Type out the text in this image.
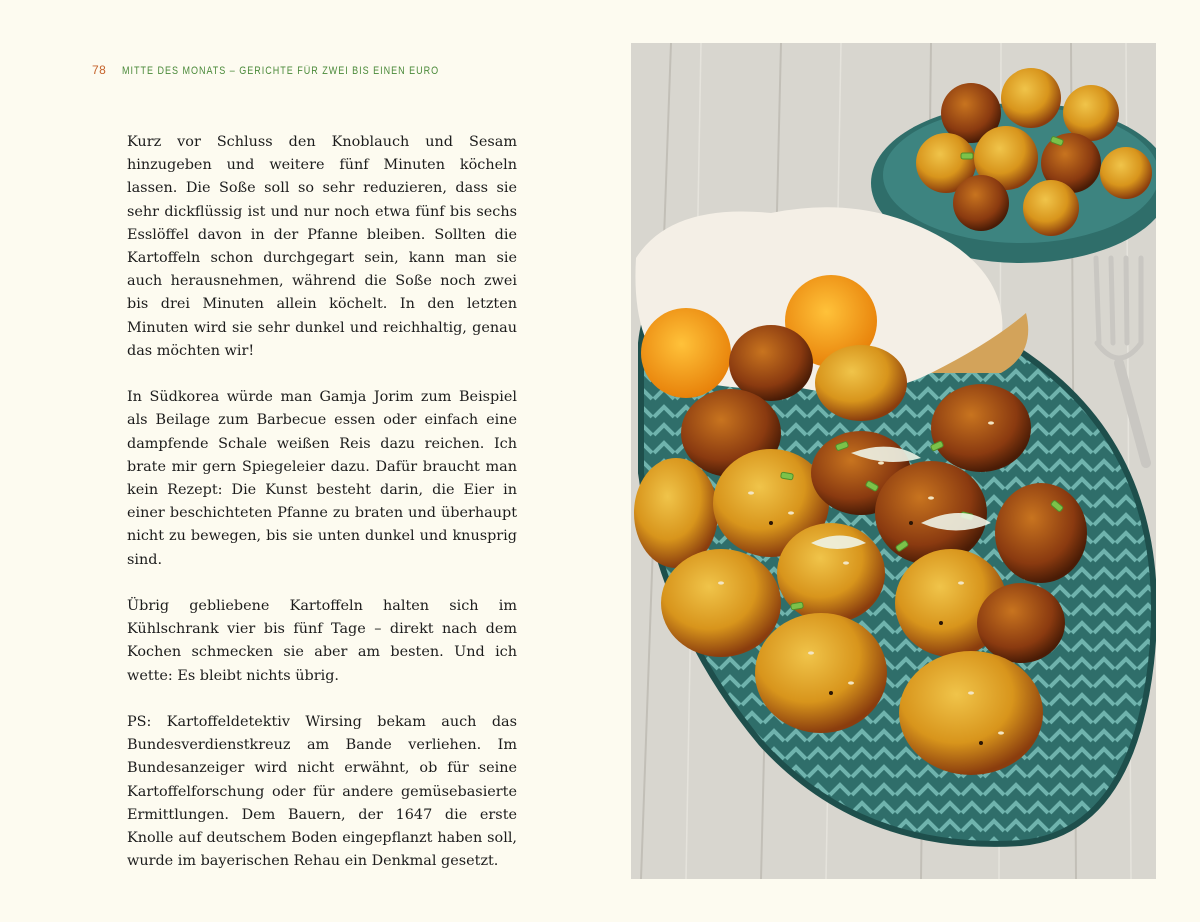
78 MITTE DES MONATS – GERICHTE FÜR ZWEI BIS EINEN EURO

Kurz vor Schluss den Knoblauch und Sesam hinzugeben und weitere fünf Minuten köcheln lassen. Die Soße soll so sehr reduzieren, dass sie sehr dickflüssig ist und nur noch etwa fünf bis sechs Esslöffel davon in der Pfanne bleiben. Sollten die Kartoffeln schon durchgegart sein, kann man sie auch herausnehmen, während die Soße noch zwei bis drei Minuten allein köchelt. In den letzten Minuten wird sie sehr dunkel und reichhaltig, genau das möchten wir!

In Südkorea würde man Gamja Jorim zum Beispiel als Beilage zum Barbecue essen oder einfach eine dampfende Schale weißen Reis dazu reichen. Ich brate mir gern Spiegeleier dazu. Dafür braucht man kein Rezept: Die Kunst besteht darin, die Eier in einer beschichteten Pfanne zu braten und überhaupt nicht zu bewegen, bis sie unten dunkel und knusprig sind.

Übrig gebliebene Kartoffeln halten sich im Kühlschrank vier bis fünf Tage – direkt nach dem Kochen schmecken sie aber am besten. Und ich wette: Es bleibt nichts übrig.

PS: Kartoffeldetektiv Wirsing bekam auch das Bundesverdienstkreuz am Bande verliehen. Im Bundesanzeiger wird nicht erwähnt, ob für seine Kartoffelforschung oder für andere gemüsebasierte Ermittlungen. Dem Bauern, der 1647 die erste Knolle auf deutschem Boden eingepflanzt haben soll, wurde im bayerischen Rehau ein Denkmal gesetzt.
